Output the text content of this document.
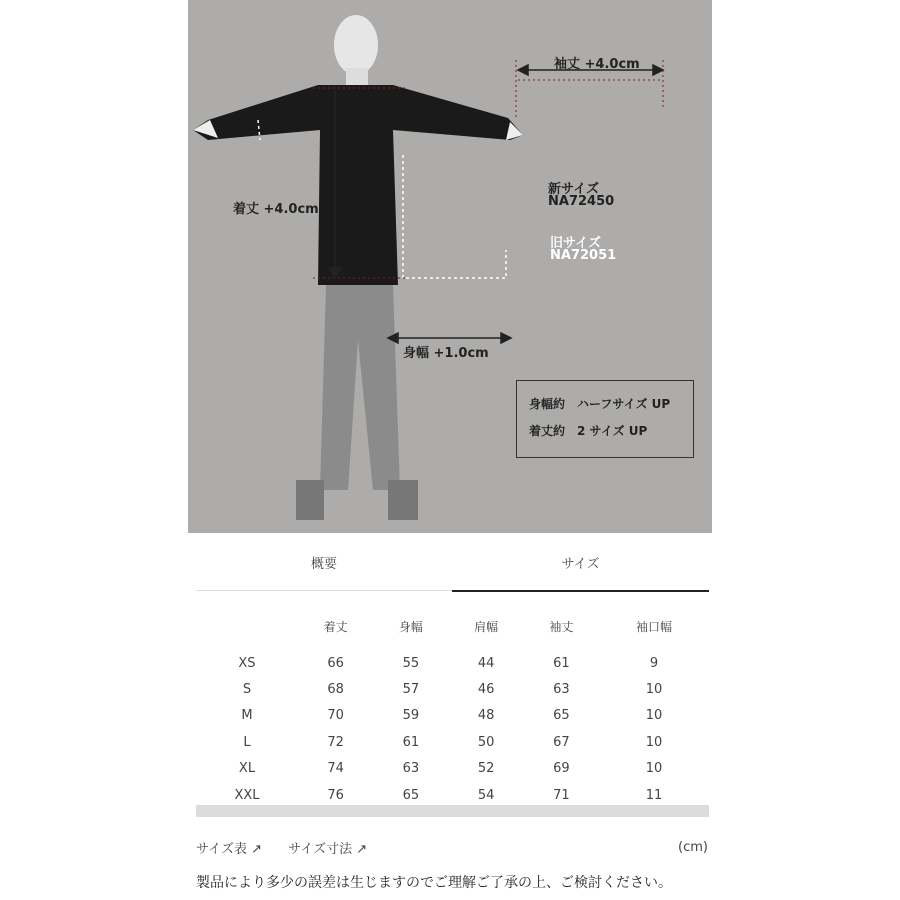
袖丈 +4.0cm
着丈 +4.0cm
身幅 +1.0cm
新サイズ
NA72450
旧サイズ
NA72051
身幅約　ハーフサイズ UP
着丈約　2 サイズ UP
概要	サイズ
	着丈	身幅	肩幅	袖丈	袖口幅

XS	66	55	44	61	9
S	68	57	46	63	10
M	70	59	48	65	10
L	72	61	50	67	10
XL	74	63	52	69	10
XXL	76	65	54	71	11
サイズ表 ↗ サイズ寸法 ↗	(cm)
製品により多少の誤差は生じますのでご理解ご了承の上、ご検討ください。
